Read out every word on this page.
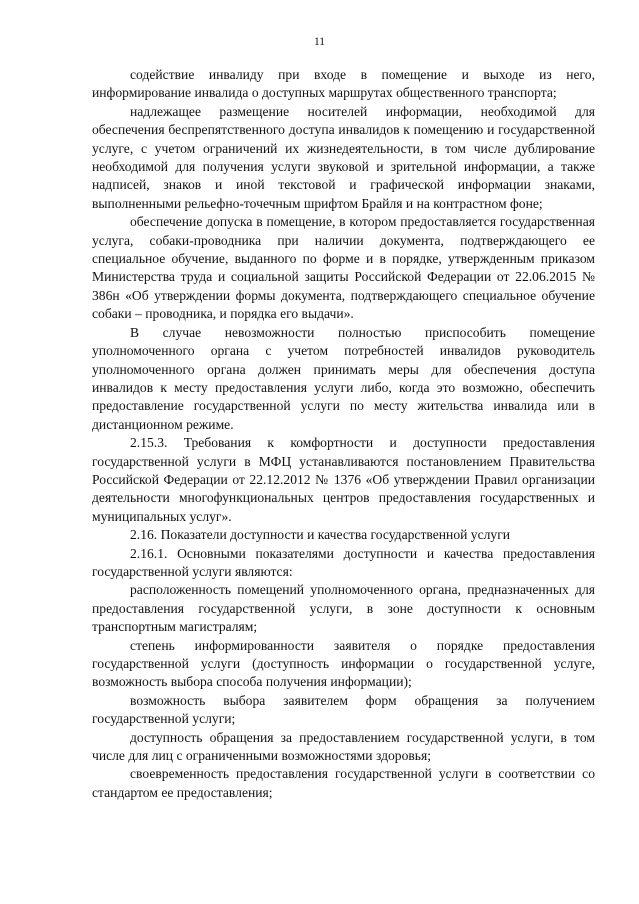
11

содействие инвалиду при входе в помещение и выходе из него, информирование инвалида о доступных маршрутах общественного транспорта;

надлежащее размещение носителей информации, необходимой для обеспечения беспрепятственного доступа инвалидов к помещению и государственной услуге, с учетом ограничений их жизнедеятельности, в том числе дублирование необходимой для получения услуги звуковой и зрительной информации, а также надписей, знаков и иной текстовой и графической информации знаками, выполненными рельефно-точечным шрифтом Брайля и на контрастном фоне;

обеспечение допуска в помещение, в котором предоставляется государственная услуга, собаки-проводника при наличии документа, подтверждающего ее специальное обучение, выданного по форме и в порядке, утвержденным приказом Министерства труда и социальной защиты Российской Федерации от 22.06.2015 № 386н «Об утверждении формы документа, подтверждающего специальное обучение собаки – проводника, и порядка его выдачи».

В случае невозможности полностью приспособить помещение уполномоченного органа с учетом потребностей инвалидов руководитель уполномоченного органа должен принимать меры для обеспечения доступа инвалидов к месту предоставления услуги либо, когда это возможно, обеспечить предоставление государственной услуги по месту жительства инвалида или в дистанционном режиме.

2.15.3. Требования к комфортности и доступности предоставления государственной услуги в МФЦ устанавливаются постановлением Правительства Российской Федерации от 22.12.2012 № 1376 «Об утверждении Правил организации деятельности многофункциональных центров предоставления государственных и муниципальных услуг».

2.16. Показатели доступности и качества государственной услуги

2.16.1. Основными показателями доступности и качества предоставления государственной услуги являются:

расположенность помещений уполномоченного органа, предназначенных для предоставления государственной услуги, в зоне доступности к основным транспортным магистралям;

степень информированности заявителя о порядке предоставления государственной услуги (доступность информации о государственной услуге, возможность выбора способа получения информации);

возможность выбора заявителем форм обращения за получением государственной услуги;

доступность обращения за предоставлением государственной услуги, в том числе для лиц с ограниченными возможностями здоровья;

своевременность предоставления государственной услуги в соответствии со стандартом ее предоставления;
